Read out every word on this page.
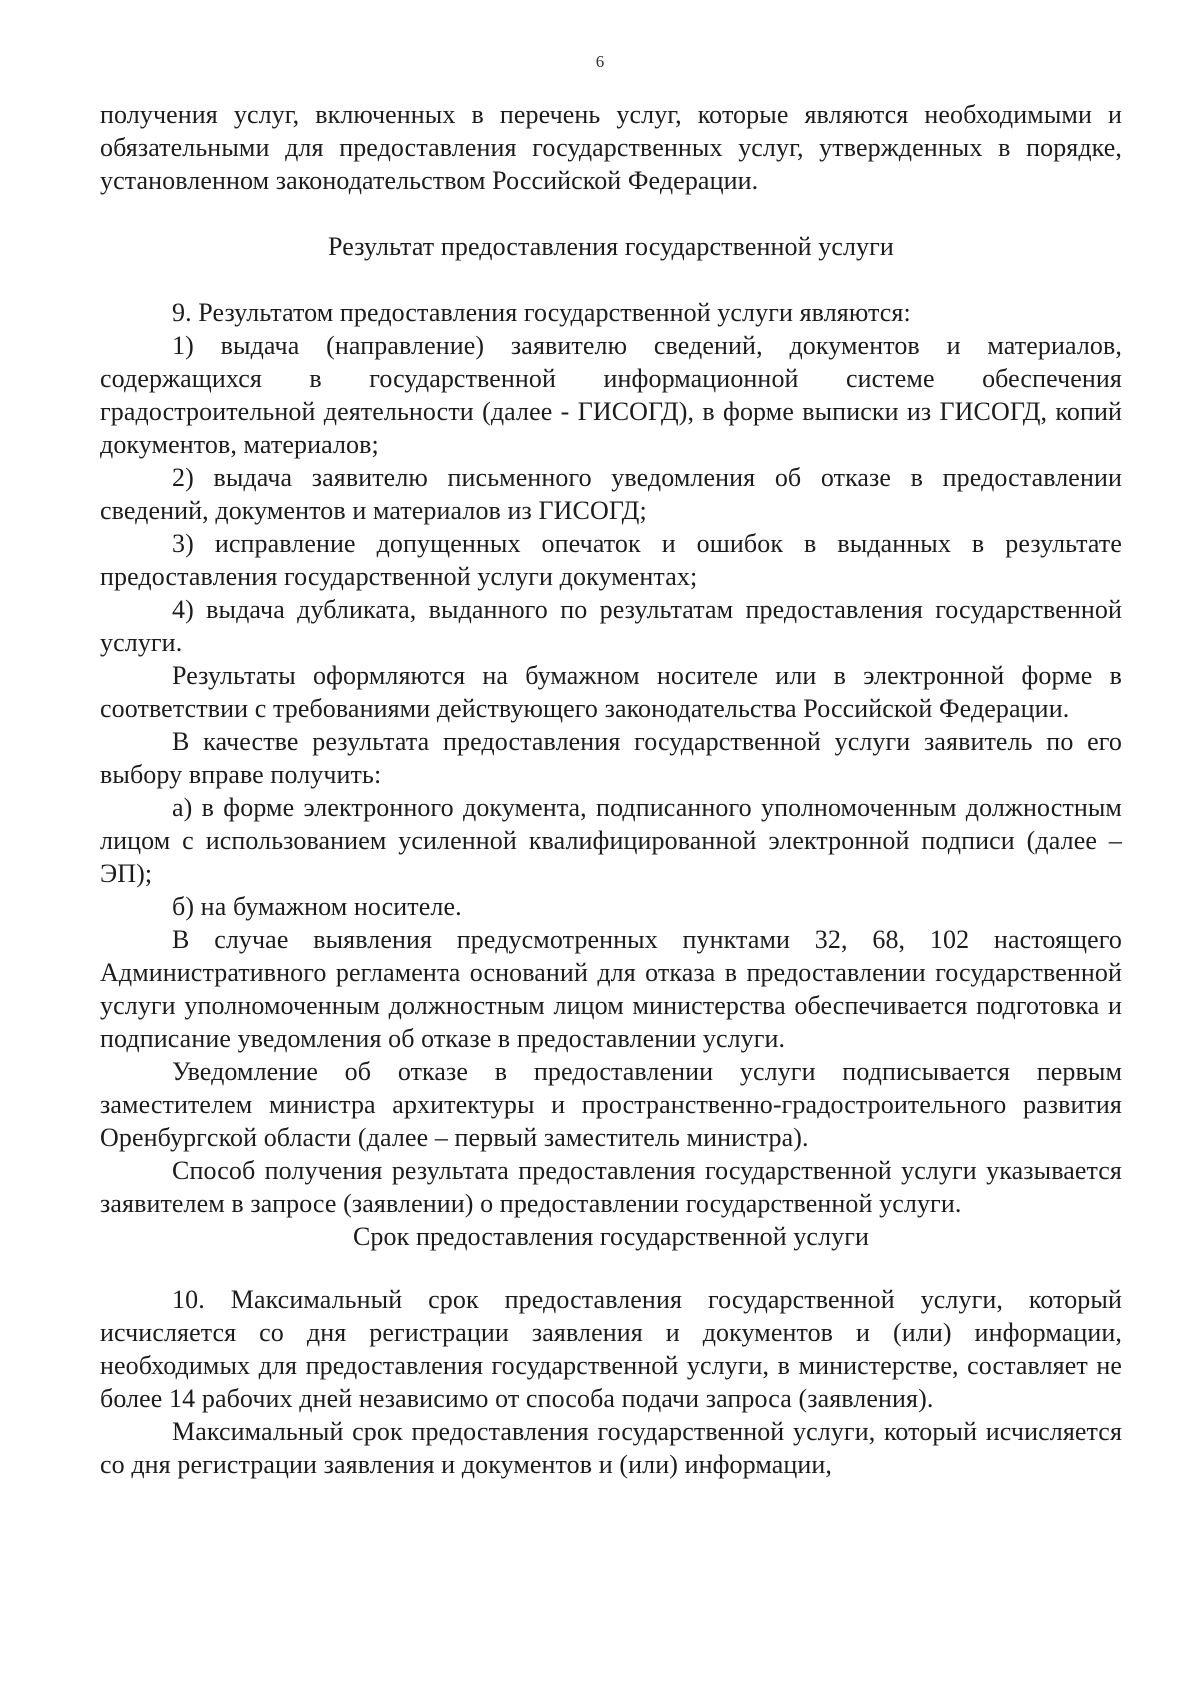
6

получения услуг, включенных в перечень услуг, которые являются необходимыми и обязательными для предоставления государственных услуг, утвержденных в порядке, установленном законодательством Российской Федерации.

Результат предоставления государственной услуги

9. Результатом предоставления государственной услуги являются:

1) выдача (направление) заявителю сведений, документов и материалов, содержащихся в государственной информационной системе обеспечения градостроительной деятельности (далее - ГИСОГД), в форме выписки из ГИСОГД, копий документов, материалов;

2) выдача заявителю письменного уведомления об отказе в предоставлении сведений, документов и материалов из ГИСОГД;

3) исправление допущенных опечаток и ошибок в выданных в результате предоставления государственной услуги документах;

4) выдача дубликата, выданного по результатам предоставления государственной услуги.

Результаты оформляются на бумажном носителе или в электронной форме в соответствии с требованиями действующего законодательства Российской Федерации.

В качестве результата предоставления государственной услуги заявитель по его выбору вправе получить:

а) в форме электронного документа, подписанного уполномоченным должностным лицом с использованием усиленной квалифицированной электронной подписи (далее – ЭП);

б) на бумажном носителе.

В случае выявления предусмотренных пунктами 32, 68, 102 настоящего Административного регламента оснований для отказа в предоставлении государственной услуги уполномоченным должностным лицом министерства обеспечивается подготовка и подписание уведомления об отказе в предоставлении услуги.

Уведомление об отказе в предоставлении услуги подписывается первым заместителем министра архитектуры и пространственно-градостроительного развития Оренбургской области (далее – первый заместитель министра).

Способ получения результата предоставления государственной услуги указывается заявителем в запросе (заявлении) о предоставлении государственной услуги.

Срок предоставления государственной услуги

10. Максимальный срок предоставления государственной услуги, который исчисляется со дня регистрации заявления и документов и (или) информации, необходимых для предоставления государственной услуги, в министерстве, составляет не более 14 рабочих дней независимо от способа подачи запроса (заявления).

Максимальный срок предоставления государственной услуги, который исчисляется со дня регистрации заявления и документов и (или) информации,
